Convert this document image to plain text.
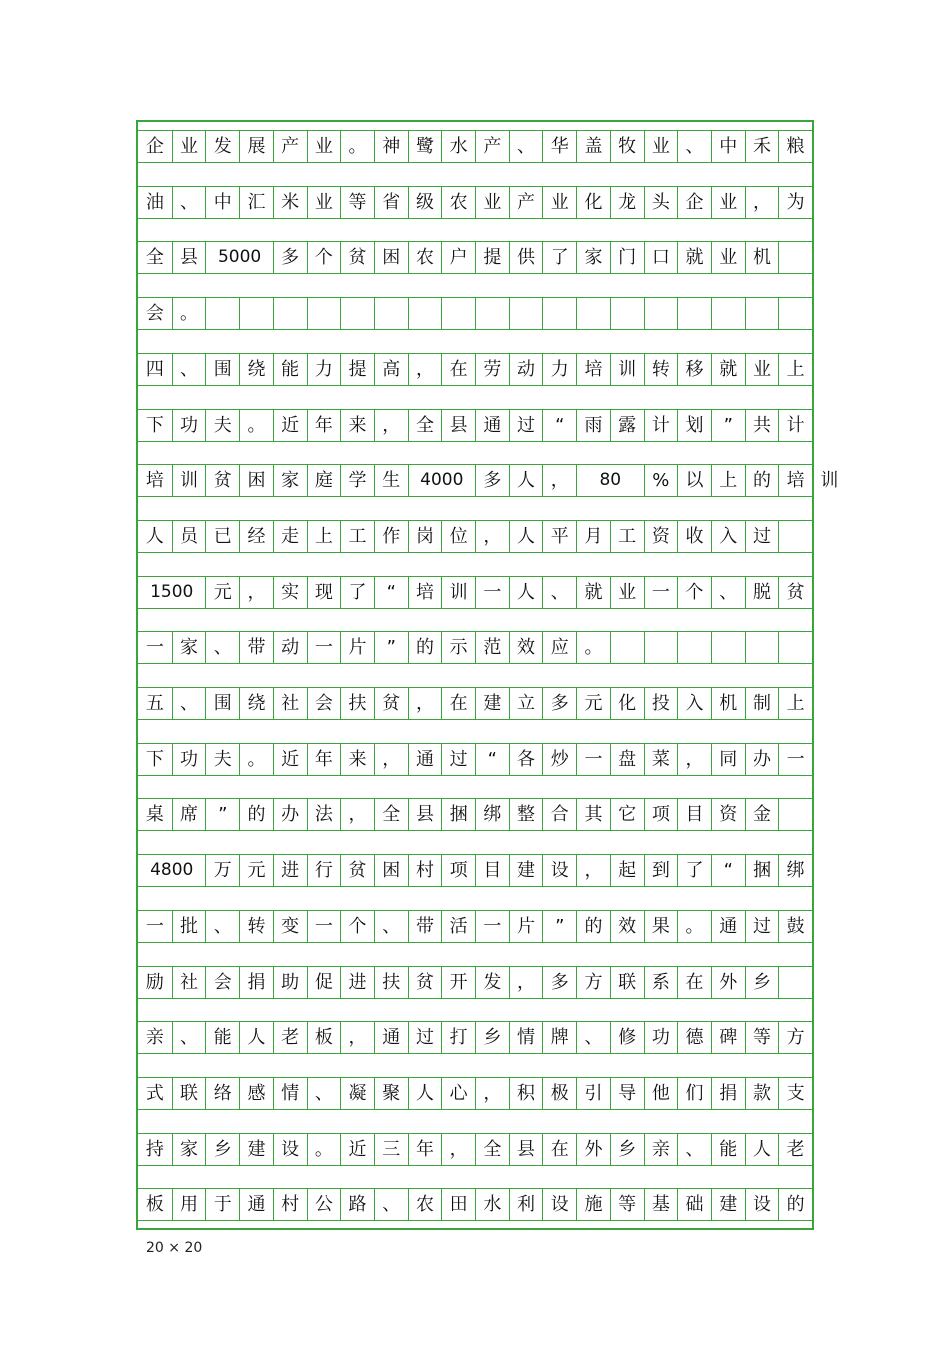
企 业 发 展 产 业 。 神 鹭 水 产 、 华 盖 牧 业 、 中 禾 粮
油 、 中 汇 米 业 等 省 级 农 业 产 业 化 龙 头 企 业 ， 为
全 县	5000	多 个 贫 困 农 户 提 供 了 家 门 口 就 业 机
会 。
四 、 围 绕 能 力 提 高 ， 在 劳 动 力 培 训 转 移 就 业 上
下 功 夫 。 近 年 来 ， 全 县 通 过	“	雨 露 计 划	”	共 计
培 训 贫 困 家 庭 学 生	4000	多 人 ，	80	% 以 上 的 培 训
人 员 已 经 走 上 工 作 岗 位 ， 人 平 月 工 资 收 入 过
1500	元 ， 实 现 了	“	培 训 一 人 、 就 业 一 个 、 脱 贫
一 家 、 带 动 一 片	”	的 示 范 效 应 。
五 、 围 绕 社 会 扶 贫 ， 在 建 立 多 元 化 投 入 机 制 上
下 功 夫 。 近 年 来 ， 通 过	“	各 炒 一 盘 菜 ， 同 办 一
桌 席	”	的 办 法 ， 全 县 捆 绑 整 合 其 它 项 目 资 金
4800	万 元 进 行 贫 困 村 项 目 建 设 ， 起 到 了	“	捆 绑
一 批 、 转 变 一 个 、 带 活 一 片	”	的 效 果 。 通 过 鼓
励 社 会 捐 助 促 进 扶 贫 开 发 ， 多 方 联 系 在 外 乡
亲 、 能 人 老 板 ， 通 过 打 乡 情 牌 、 修 功 德 碑 等 方
式 联 络 感 情 、 凝 聚 人 心 ， 积 极 引 导 他 们 捐 款 支
持 家 乡 建 设 。 近 三 年 ， 全 县 在 外 乡 亲 、 能 人 老
板 用 于 通 村 公 路 、 农 田 水 利 设 施 等 基 础 建 设 的
20 × 20
